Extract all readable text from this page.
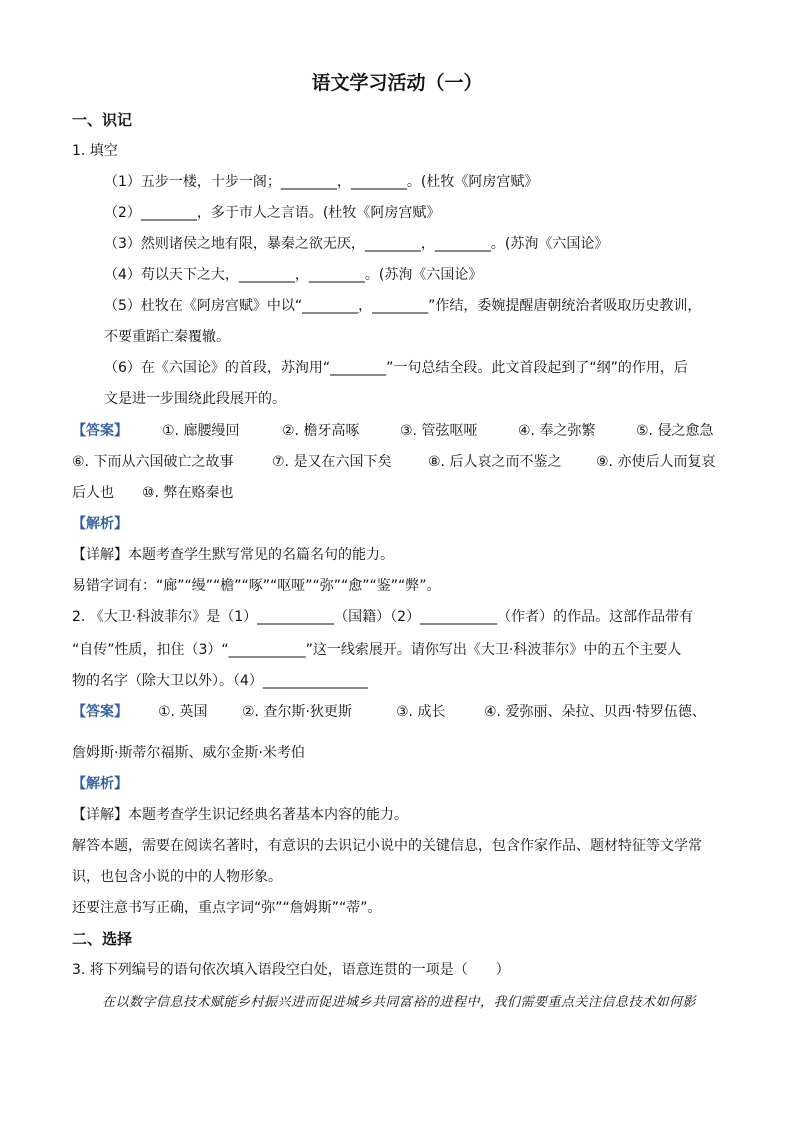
语文学习活动（一）
一、识记
1. 填空
（1）五步一楼，十步一阁；________，________。(杜牧《阿房宫赋》
（2）________，多于市人之言语。(杜牧《阿房宫赋》
（3）然则诸侯之地有限，暴秦之欲无厌，________，________。(苏洵《六国论》
（4）苟以天下之大，________，________。(苏洵《六国论》
（5）杜牧在《阿房宫赋》中以“________，________”作结，委婉提醒唐朝统治者吸取历史教训，
不要重蹈亡秦覆辙。
（6）在《六国论》的首段，苏洵用“________”一句总结全段。此文首段起到了“纲”的作用，后
文是进一步围绕此段展开的。
【答案】 ①. 廊腰缦回	②. 檐牙高啄	③. 管弦呕哑	④. 奉之弥繁	⑤. 侵之愈急
⑥. 下而从六国破亡之故事	⑦. 是又在六国下矣	⑧. 后人哀之而不鉴之 ⑨. 亦使后人而复哀
后人也 ⑩. 弊在赂秦也
【解析】
【详解】本题考查学生默写常见的名篇名句的能力。
易错字词有：“廊”“缦”“檐”“啄”“呕哑”“弥”“愈”“鉴”“弊”。
2. 《大卫·科波菲尔》是（1）___________（国籍）（2）___________（作者）的作品。这部作品带有
“自传”性质，扣住（3）“___________”这一线索展开。请你写出《大卫·科波菲尔》中的五个主要人
物的名字（除大卫以外）。（4）_______________
【答案】 ①. 英国 ②. 查尔斯·狄更斯	③. 成长	④. 爱弥丽、朵拉、贝西·特罗伍德、
詹姆斯·斯蒂尔福斯、威尔金斯·米考伯
【解析】
【详解】本题考查学生识记经典名著基本内容的能力。
解答本题，需要在阅读名著时，有意识的去识记小说中的关键信息，包含作家作品、题材特征等文学常
识，也包含小说的中的人物形象。
还要注意书写正确，重点字词“弥”“詹姆斯”“蒂”。
二、选择
3. 将下列编号的语句依次填入语段空白处，语意连贯的一项是（　　）
在以数字信息技术赋能乡村振兴进而促进城乡共同富裕的进程中，我们需要重点关注信息技术如何影
